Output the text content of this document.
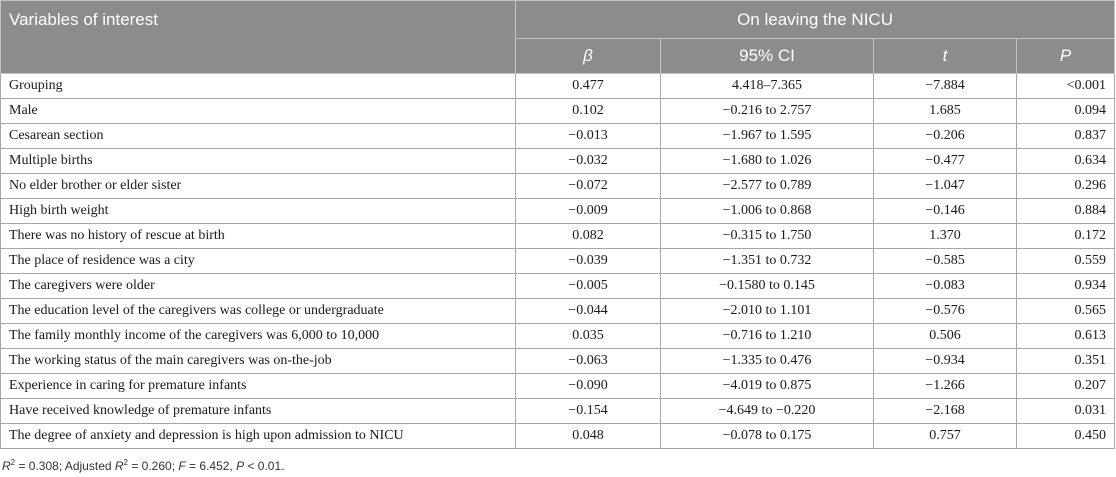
Variables of interest	On leaving the NICU			
	β	95% CI	t	P
Grouping	0.477	4.418–7.365	−7.884	<0.001
Male	0.102	−0.216 to 2.757	1.685	0.094
Cesarean section	−0.013	−1.967 to 1.595	−0.206	0.837
Multiple births	−0.032	−1.680 to 1.026	−0.477	0.634
No elder brother or elder sister	−0.072	−2.577 to 0.789	−1.047	0.296
High birth weight	−0.009	−1.006 to 0.868	−0.146	0.884
There was no history of rescue at birth	0.082	−0.315 to 1.750	1.370	0.172
The place of residence was a city	−0.039	−1.351 to 0.732	−0.585	0.559
The caregivers were older	−0.005	−0.1580 to 0.145	−0.083	0.934
The education level of the caregivers was college or undergraduate	−0.044	−2.010 to 1.101	−0.576	0.565
The family monthly income of the caregivers was 6,000 to 10,000	0.035	−0.716 to 1.210	0.506	0.613
The working status of the main caregivers was on-the-job	−0.063	−1.335 to 0.476	−0.934	0.351
Experience in caring for premature infants	−0.090	−4.019 to 0.875	−1.266	0.207
Have received knowledge of premature infants	−0.154	−4.649 to −0.220	−2.168	0.031
The degree of anxiety and depression is high upon admission to NICU	0.048	−0.078 to 0.175	0.757	0.450
$R^2 = 0.308$; Adjusted $R^2 = 0.260$; F = 6.452, P < 0.01.
